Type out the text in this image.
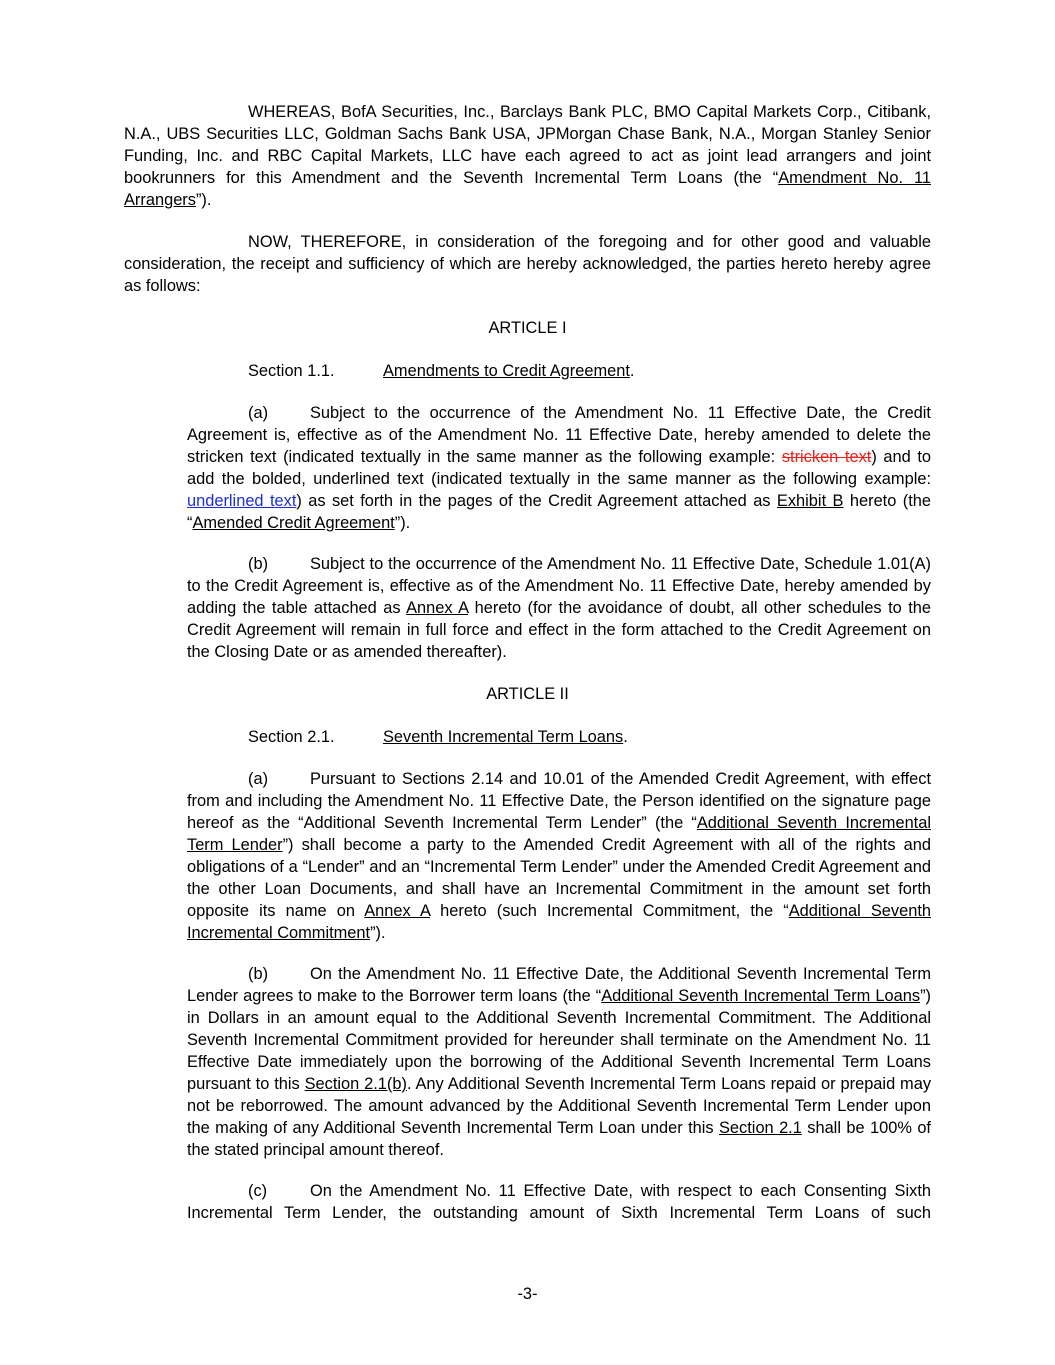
WHEREAS, BofA Securities, Inc., Barclays Bank PLC, BMO Capital Markets Corp., Citibank, N.A., UBS Securities LLC, Goldman Sachs Bank USA, JPMorgan Chase Bank, N.A., Morgan Stanley Senior Funding, Inc. and RBC Capital Markets, LLC have each agreed to act as joint lead arrangers and joint bookrunners for this Amendment and the Seventh Incremental Term Loans (the “Amendment No. 11 Arrangers”).

NOW, THEREFORE, in consideration of the foregoing and for other good and valuable consideration, the receipt and sufficiency of which are hereby acknowledged, the parties hereto hereby agree as follows:

ARTICLE I

Section 1.1.	Amendments to Credit Agreement.

(a)	Subject to the occurrence of the Amendment No. 11 Effective Date, the Credit Agreement is, effective as of the Amendment No. 11 Effective Date, hereby amended to delete the stricken text (indicated textually in the same manner as the following example: stricken text) and to add the bolded, underlined text (indicated textually in the same manner as the following example: underlined text) as set forth in the pages of the Credit Agreement attached as Exhibit B hereto (the “Amended Credit Agreement”).

(b)	Subject to the occurrence of the Amendment No. 11 Effective Date, Schedule 1.01(A) to the Credit Agreement is, effective as of the Amendment No. 11 Effective Date, hereby amended by adding the table attached as Annex A hereto (for the avoidance of doubt, all other schedules to the Credit Agreement will remain in full force and effect in the form attached to the Credit Agreement on the Closing Date or as amended thereafter).

ARTICLE II

Section 2.1.	Seventh Incremental Term Loans.

(a)	Pursuant to Sections 2.14 and 10.01 of the Amended Credit Agreement, with effect from and including the Amendment No. 11 Effective Date, the Person identified on the signature page hereof as the “Additional Seventh Incremental Term Lender” (the “Additional Seventh Incremental Term Lender”) shall become a party to the Amended Credit Agreement with all of the rights and obligations of a “Lender” and an “Incremental Term Lender” under the Amended Credit Agreement and the other Loan Documents, and shall have an Incremental Commitment in the amount set forth opposite its name on Annex A hereto (such Incremental Commitment, the “Additional Seventh Incremental Commitment”).

(b)	On the Amendment No. 11 Effective Date, the Additional Seventh Incremental Term Lender agrees to make to the Borrower term loans (the “Additional Seventh Incremental Term Loans”) in Dollars in an amount equal to the Additional Seventh Incremental Commitment. The Additional Seventh Incremental Commitment provided for hereunder shall terminate on the Amendment No. 11 Effective Date immediately upon the borrowing of the Additional Seventh Incremental Term Loans pursuant to this Section 2.1(b). Any Additional Seventh Incremental Term Loans repaid or prepaid may not be reborrowed. The amount advanced by the Additional Seventh Incremental Term Lender upon the making of any Additional Seventh Incremental Term Loan under this Section 2.1 shall be 100% of the stated principal amount thereof.

(c)	On the Amendment No. 11 Effective Date, with respect to each Consenting Sixth Incremental Term Lender, the outstanding amount of Sixth Incremental Term Loans of such

-3-
